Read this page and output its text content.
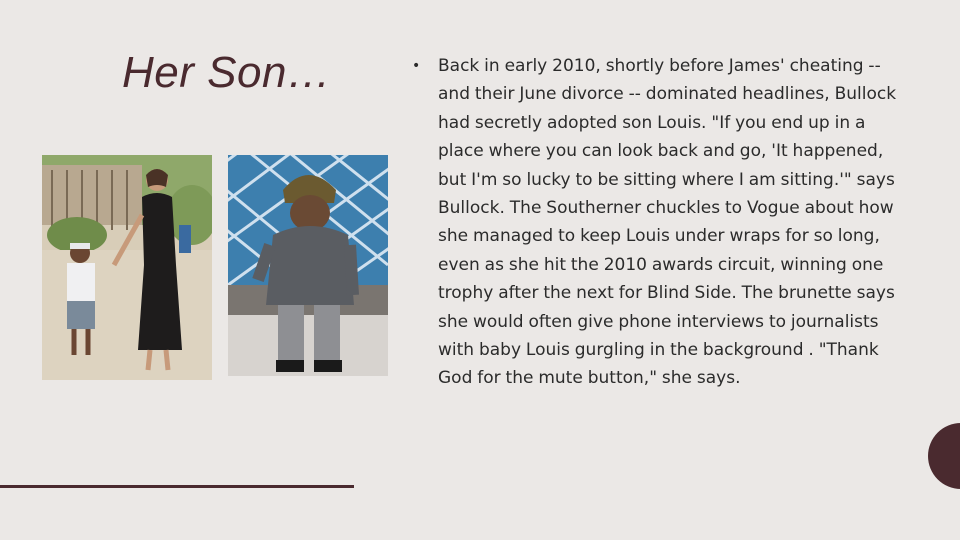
Her Son…	• Back in early 2010, shortly before James' cheating -- and their June divorce -- dominated headlines, Bullock had secretly adopted son Louis. "If you end up in a place where you can look back and go, 'It happened, but I'm so lucky to be sitting where I am sitting.'" says Bullock. The Southerner chuckles to Vogue about how she managed to keep Louis under wraps for so long, even as she hit the 2010 awards circuit, winning one trophy after the next for Blind Side. The brunette says she would often give phone interviews to journalists with baby Louis gurgling in the background . "Thank God for the mute button," she says.
